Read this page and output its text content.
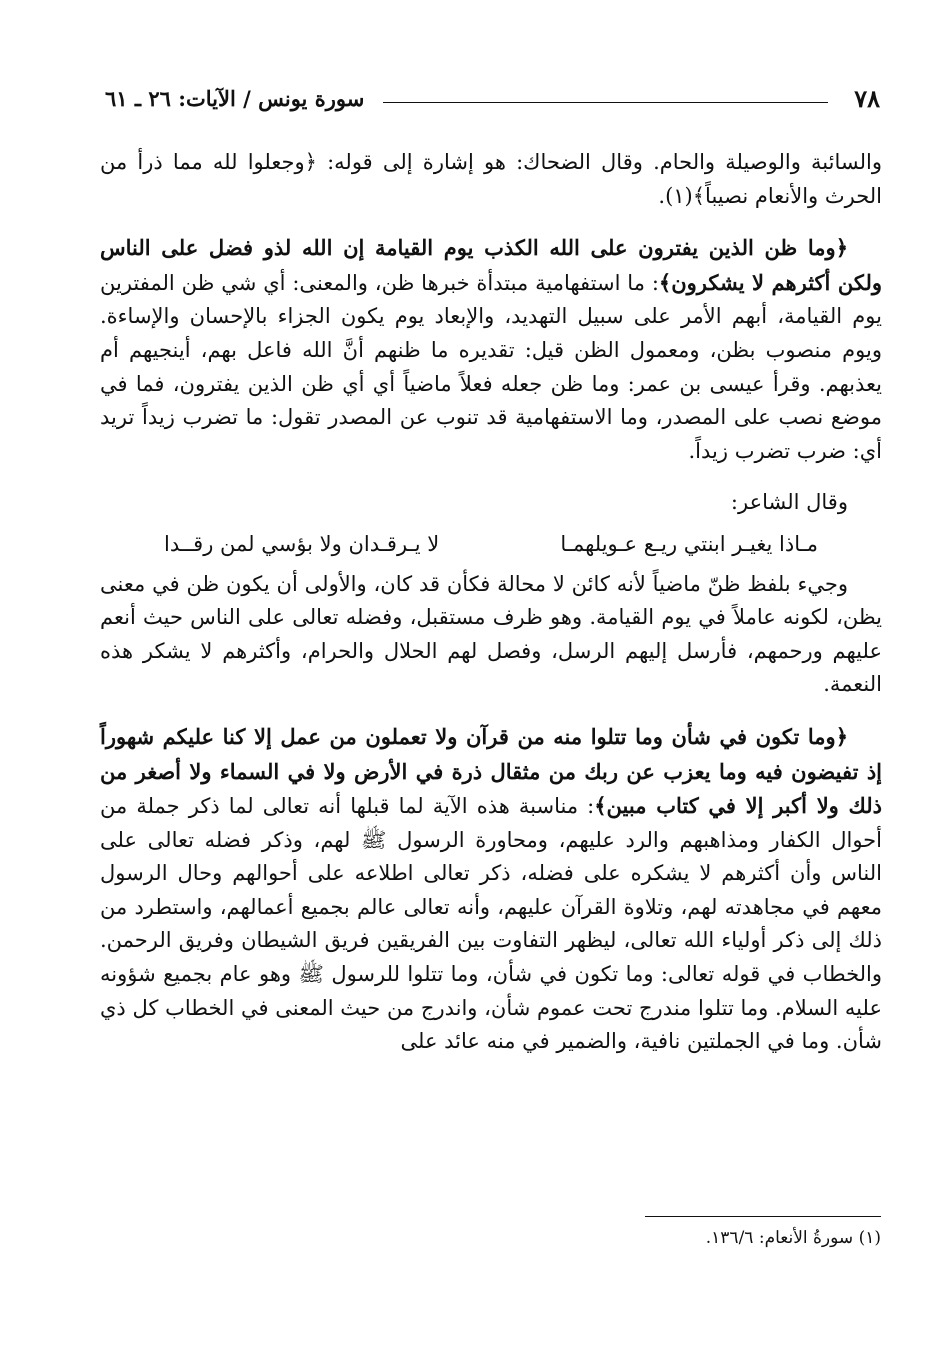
٧٨
سورة يونس / الآيات: ٢٦ ـ ٦١

والسائبة والوصيلة والحام. وقال الضحاك: هو إشارة إلى قوله: ﴿وجعلوا لله مما ذرأ من الحرث والأنعام نصيباً﴾(١).

﴿وما ظن الذين يفترون على الله الكذب يوم القيامة إن الله لذو فضل على الناس ولكن أكثرهم لا يشكرون﴾: ما استفهامية مبتدأة خبرها ظن، والمعنى: أي شي ظن المفترين يوم القيامة، أبهم الأمر على سبيل التهديد، والإبعاد يوم يكون الجزاء بالإحسان والإساءة. ويوم منصوب بظن، ومعمول الظن قيل: تقديره ما ظنهم أنَّ الله فاعل بهم، أينجيهم أم يعذبهم. وقرأ عيسى بن عمر: وما ظن جعله فعلاً ماضياً أي أي ظن الذين يفترون، فما في موضع نصب على المصدر، وما الاستفهامية قد تنوب عن المصدر تقول: ما تضرب زيداً تريد أي: ضرب تضرب زيداً.

وقال الشاعر:

مـاذا يغيـر ابنتي ريـع عـويلهمـا
لا يـرقـدان ولا بؤسي لمن رقــدا

وجيء بلفظ ظنّ ماضياً لأنه كائن لا محالة فكأن قد كان، والأولى أن يكون ظن في معنى يظن، لكونه عاملاً في يوم القيامة. وهو ظرف مستقبل، وفضله تعالى على الناس حيث أنعم عليهم ورحمهم، فأرسل إليهم الرسل، وفصل لهم الحلال والحرام، وأكثرهم لا يشكر هذه النعمة.

﴿وما تكون في شأن وما تتلوا منه من قرآن ولا تعملون من عمل إلا كنا عليكم شهوراً إذ تفيضون فيه وما يعزب عن ربك من مثقال ذرة في الأرض ولا في السماء ولا أصغر من ذلك ولا أكبر إلا في كتاب مبين﴾: مناسبة هذه الآية لما قبلها أنه تعالى لما ذكر جملة من أحوال الكفار ومذاهبهم والرد عليهم، ومحاورة الرسول ﷺ لهم، وذكر فضله تعالى على الناس وأن أكثرهم لا يشكره على فضله، ذكر تعالى اطلاعه على أحوالهم وحال الرسول معهم في مجاهدته لهم، وتلاوة القرآن عليهم، وأنه تعالى عالم بجميع أعمالهم، واستطرد من ذلك إلى ذكر أولياء الله تعالى، ليظهر التفاوت بين الفريقين فريق الشيطان وفريق الرحمن. والخطاب في قوله تعالى: وما تكون في شأن، وما تتلوا للرسول ﷺ وهو عام بجميع شؤونه عليه السلام. وما تتلوا مندرج تحت عموم شأن، واندرج من حيث المعنى في الخطاب كل ذي شأن. وما في الجملتين نافية، والضمير في منه عائد على

(١) سورةُ الأنعام: ١٣٦/٦.
